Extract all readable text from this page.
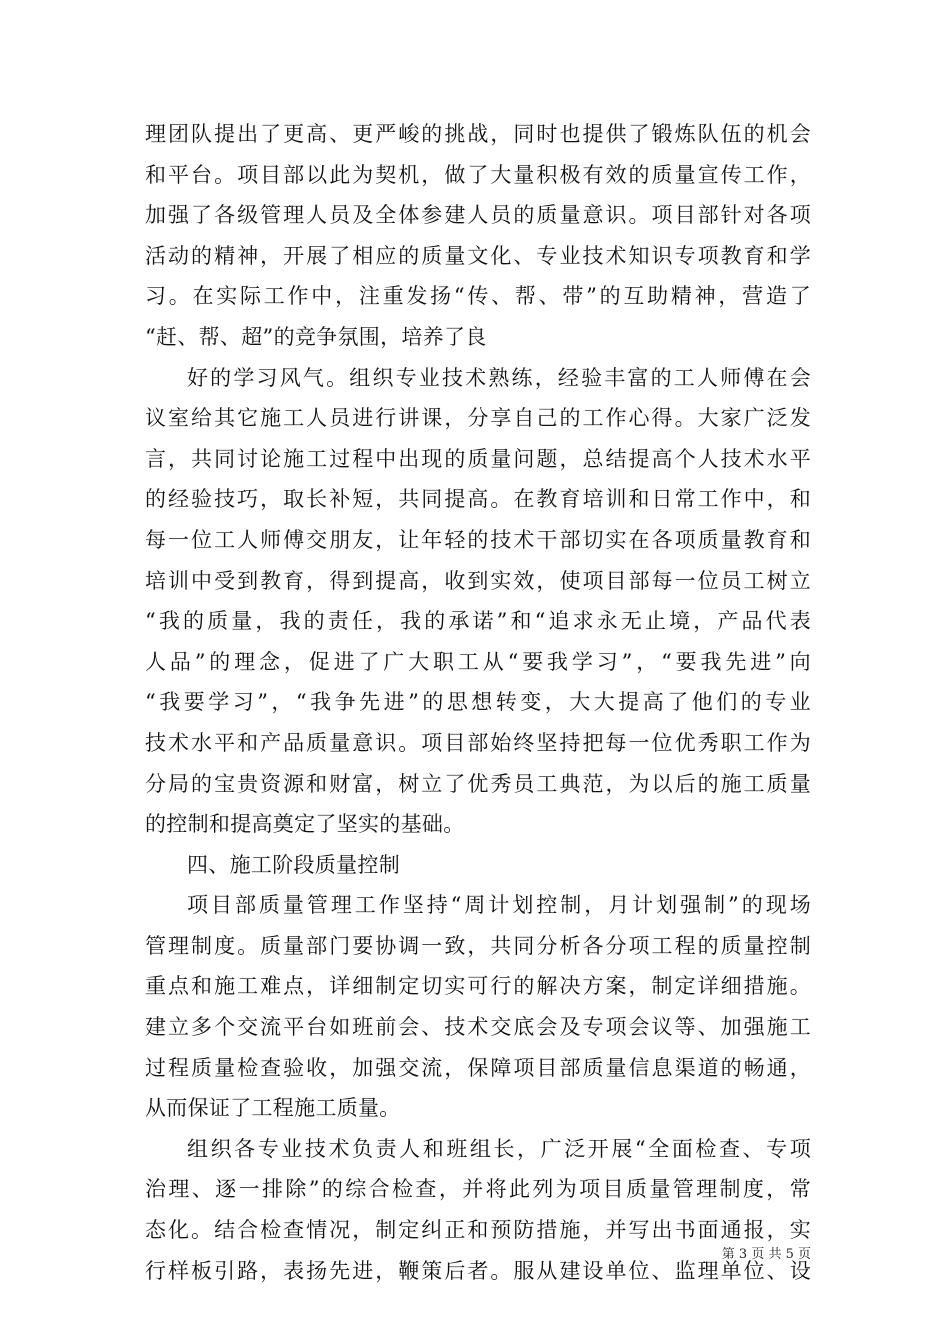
理团队提出了更高、更严峻的挑战，同时也提供了锻炼队伍的机会
和平台。项目部以此为契机，做了大量积极有效的质量宣传工作，
加强了各级管理人员及全体参建人员的质量意识。项目部针对各项
活动的精神，开展了相应的质量文化、专业技术知识专项教育和学
习。在实际工作中，注重发扬“传、帮、带”的互助精神，营造了
“赶、帮、超”的竞争氛围，培养了良
好的学习风气。组织专业技术熟练，经验丰富的工人师傅在会
议室给其它施工人员进行讲课，分享自己的工作心得。大家广泛发
言，共同讨论施工过程中出现的质量问题，总结提高个人技术水平
的经验技巧，取长补短，共同提高。在教育培训和日常工作中，和
每一位工人师傅交朋友，让年轻的技术干部切实在各项质量教育和
培训中受到教育，得到提高，收到实效，使项目部每一位员工树立
“我的质量，我的责任，我的承诺”和“追求永无止境，产品代表
人品”的理念，促进了广大职工从“要我学习”，“要我先进”向
“我要学习”，“我争先进”的思想转变，大大提高了他们的专业
技术水平和产品质量意识。项目部始终坚持把每一位优秀职工作为
分局的宝贵资源和财富，树立了优秀员工典范，为以后的施工质量
的控制和提高奠定了坚实的基础。
四、施工阶段质量控制
项目部质量管理工作坚持“周计划控制，月计划强制”的现场
管理制度。质量部门要协调一致，共同分析各分项工程的质量控制
重点和施工难点，详细制定切实可行的解决方案，制定详细措施。
建立多个交流平台如班前会、技术交底会及专项会议等、加强施工
过程质量检查验收，加强交流，保障项目部质量信息渠道的畅通，
从而保证了工程施工质量。
组织各专业技术负责人和班组长，广泛开展“全面检查、专项
治理、逐一排除”的综合检查，并将此列为项目质量管理制度，常
态化。结合检查情况，制定纠正和预防措施，并写出书面通报，实
行样板引路，表扬先进，鞭策后者。服从建设单位、监理单位、设
第 3 页 共 5 页
